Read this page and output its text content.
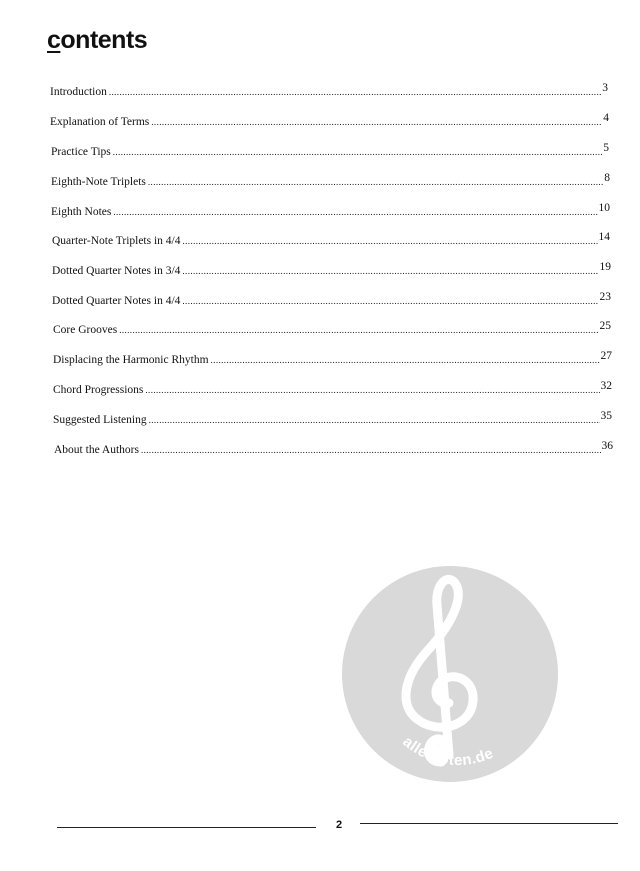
contents
Introduction .....	3
Explanation of Terms .....	4
Practice Tips .....	5
Eighth-Note Triplets .....	8
Eighth Notes .....	10
Quarter-Note Triplets in 4/4 .....	14
Dotted Quarter Notes in 3/4 .....	19
Dotted Quarter Notes in 4/4 .....	23
Core Grooves .....	25
Displacing the Harmonic Rhythm .....	27
Chord Progressions .....	32
Suggested Listening .....	35
About the Authors .....	36
alle-noten.de
2
